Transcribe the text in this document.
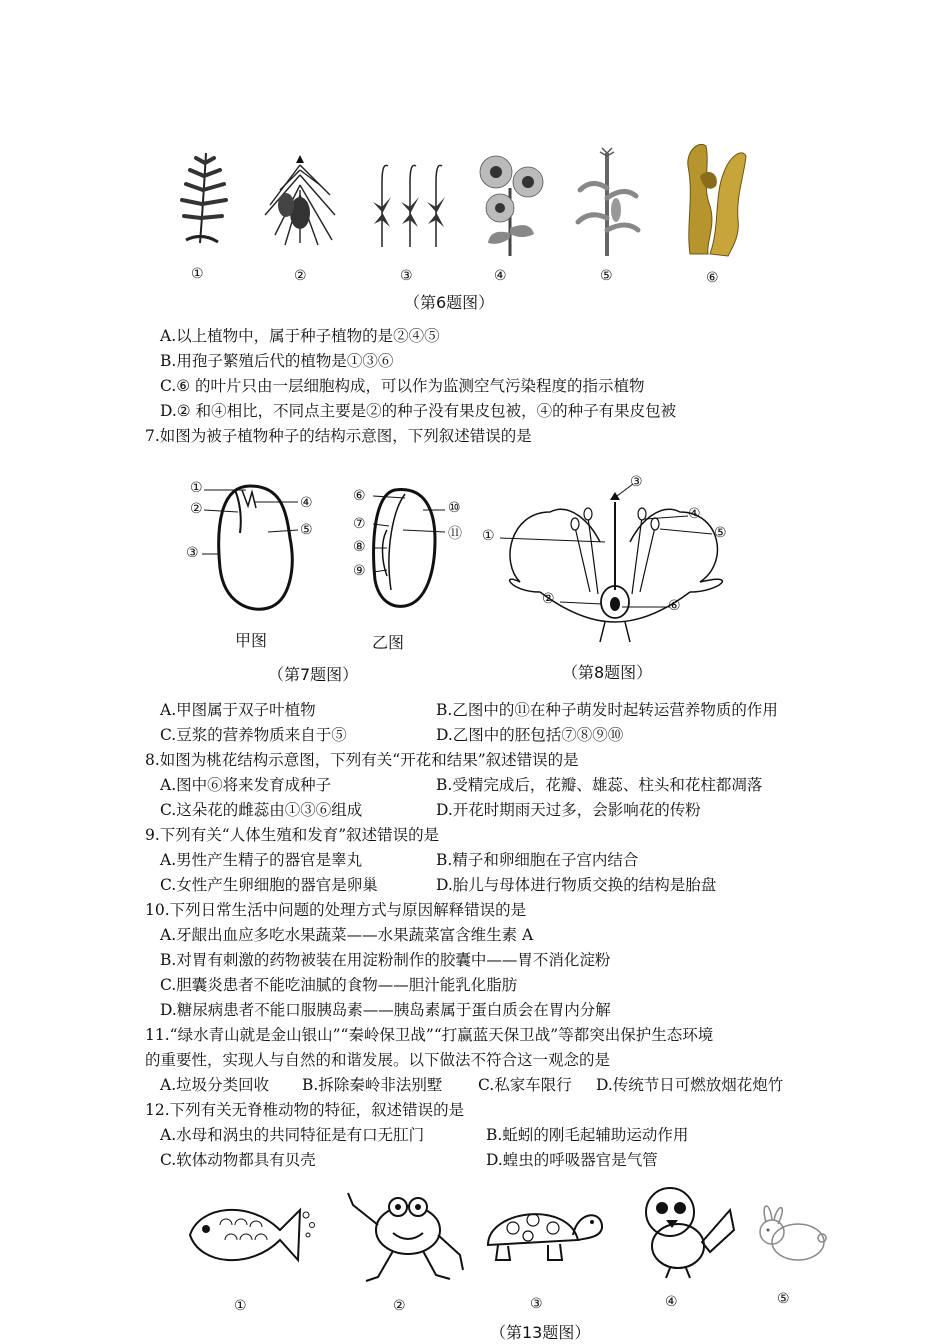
①	②	③	④	⑤	⑥
（第6题图）
A.以上植物中，属于种子植物的是②④⑤
B.用孢子繁殖后代的植物是①③⑥
C.⑥ 的叶片只由一层细胞构成，可以作为监测空气污染程度的指示植物
D.② 和④相比，不同点主要是②的种子没有果皮包被，④的种子有果皮包被
7.如图为被子植物种子的结构示意图，下列叙述错误的是
①
②
③
④
⑤
甲图
⑥
⑦
⑧
⑨
⑩
⑪
乙图
（第7题图）
①
②
③
④
⑤
⑥
（第8题图）
A.甲图属于双子叶植物	B.乙图中的⑪在种子萌发时起转运营养物质的作用
C.豆浆的营养物质来自于⑤	D.乙图中的胚包括⑦⑧⑨⑩
8.如图为桃花结构示意图，下列有关“开花和结果”叙述错误的是
A.图中⑥将来发育成种子	B.受精完成后，花瓣、雄蕊、柱头和花柱都凋落
C.这朵花的雌蕊由①③⑥组成	D.开花时期雨天过多，会影响花的传粉
9.下列有关“人体生殖和发育”叙述错误的是
A.男性产生精子的器官是睾丸	B.精子和卵细胞在子宫内结合
C.女性产生卵细胞的器官是卵巢	D.胎儿与母体进行物质交换的结构是胎盘
10.下列日常生活中问题的处理方式与原因解释错误的是
A.牙龈出血应多吃水果蔬菜——水果蔬菜富含维生素 A
B.对胃有刺激的药物被装在用淀粉制作的胶囊中——胃不消化淀粉
C.胆囊炎患者不能吃油腻的食物——胆汁能乳化脂肪
D.糖尿病患者不能口服胰岛素——胰岛素属于蛋白质会在胃内分解
11.“绿水青山就是金山银山”“秦岭保卫战”“打赢蓝天保卫战”等都突出保护生态环境
的重要性，实现人与自然的和谐发展。以下做法不符合这一观念的是
A.垃圾分类回收 B.拆除秦岭非法别墅 C.私家车限行 D.传统节日可燃放烟花炮竹
12.下列有关无脊椎动物的特征，叙述错误的是
A.水母和涡虫的共同特征是有口无肛门	B.蚯蚓的刚毛起辅助运动作用
C.软体动物都具有贝壳	D.蝗虫的呼吸器官是气管
①	②	③	④	⑤
（第13题图）
